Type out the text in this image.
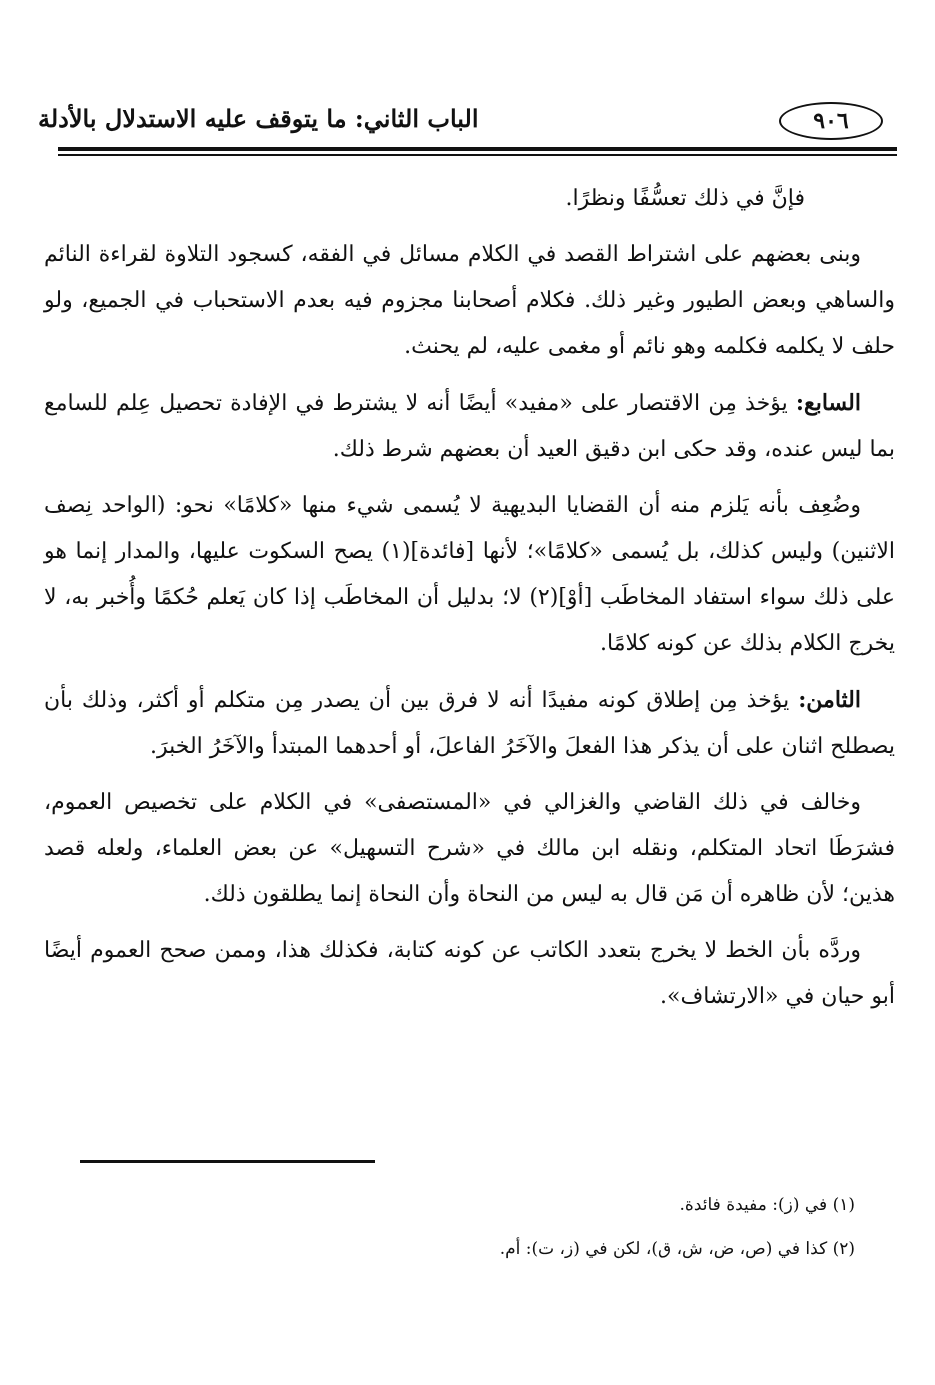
٩٠٦
الباب الثاني: ما يتوقف عليه الاستدلال بالأدلة

فإنَّ في ذلك تعسُّفًا ونظرًا.

وبنى بعضهم على اشتراط القصد في الكلام مسائل في الفقه، كسجود التلاوة لقراءة النائم والساهي وبعض الطيور وغير ذلك. فكلام أصحابنا مجزوم فيه بعدم الاستحباب في الجميع، ولو حلف لا يكلمه فكلمه وهو نائم أو مغمى عليه، لم يحنث.

السابع: يؤخذ مِن الاقتصار على «مفيد» أيضًا أنه لا يشترط في الإفادة تحصيل عِلم للسامع بما ليس عنده، وقد حكى ابن دقيق العيد أن بعضهم شرط ذلك.

وضُعِف بأنه يَلزم منه أن القضايا البديهية لا يُسمى شيء منها «كلامًا» نحو: (الواحد نِصف الاثنين) وليس كذلك، بل يُسمى «كلامًا»؛ لأنها [فائدة](١) يصح السكوت عليها، والمدار إنما هو على ذلك سواء استفاد المخاطَب [أوْ](٢) لا؛ بدليل أن المخاطَب إذا كان يَعلم حُكمًا وأُخبر به، لا يخرج الكلام بذلك عن كونه كلامًا.

الثامن: يؤخذ مِن إطلاق كونه مفيدًا أنه لا فرق بين أن يصدر مِن متكلم أو أكثر، وذلك بأن يصطلح اثنان على أن يذكر هذا الفعلَ والآخَرُ الفاعلَ، أو أحدهما المبتدأ والآخَرُ الخبرَ.

وخالف في ذلك القاضي والغزالي في «المستصفى» في الكلام على تخصيص العموم، فشرَطَا اتحاد المتكلم، ونقله ابن مالك في «شرح التسهيل» عن بعض العلماء، ولعله قصد هذين؛ لأن ظاهره أن مَن قال به ليس من النحاة وأن النحاة إنما يطلقون ذلك.

وردَّه بأن الخط لا يخرج بتعدد الكاتب عن كونه كتابة، فكذلك هذا، وممن صحح العموم أيضًا أبو حيان في «الارتشاف».

(١) في (ز): مفيدة فائدة.
(٢) كذا في (ص، ض، ش، ق)، لكن في (ز، ت): أم.
